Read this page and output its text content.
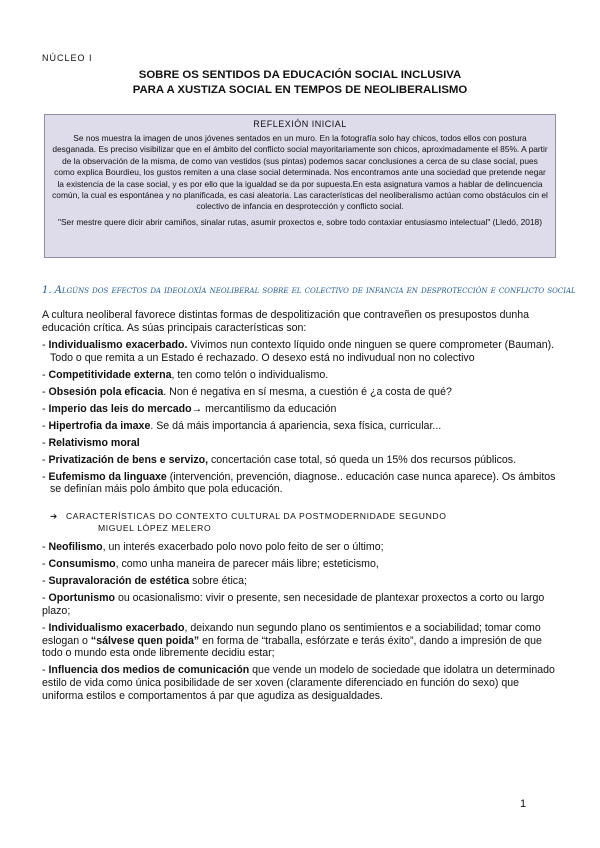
NÚCLEO I
SOBRE OS SENTIDOS DA EDUCACIÓN SOCIAL INCLUSIVA
PARA A XUSTIZA SOCIAL EN TEMPOS DE NEOLIBERALISMO
REFLEXIÓN INICIAL

Se nos muestra la imagen de unos jóvenes sentados en un muro. En la fotografía solo hay chicos, todos ellos con postura desganada. Es preciso visibilizar que en el ámbito del conflicto social mayoritariamente son chicos, aproximadamente el 85%. A partir de la observación de la misma, de como van vestidos (sus pintas) podemos sacar conclusiones a cerca de su clase social, pues como explica Bourdieu, los gustos remiten a una clase social determinada. Nos encontramos ante una sociedad que pretende negar la existencia de la case social, y es por ello que la igualdad se da por supuesta.En esta asignatura vamos a hablar de delincuencia común, la cual es espontánea y no planificada, es casi aleatoria. Las características del neoliberalismo actúan como obstáculos cin el colectivo de infancia en desprotección y conflicto social.

"Ser mestre quere dicir abrir camiños, sinalar rutas, asumir proxectos e, sobre todo contaxiar entusiasmo intelectual" (Lledó, 2018)

1. Algúns dos efectos da ideoloxía neoliberal sobre el colectivo de infancia en desprotección e conflicto social

A cultura neoliberal favorece distintas formas de despolitización que contraveñen os presupostos dunha educación crítica. As súas principais características son:

- Individualismo exacerbado. Vivimos nun contexto líquido onde ninguen se quere comprometer (Bauman). Todo o que remita a un Estado é rechazado. O desexo está no indivudual non no colectivo
- Competitividade externa, ten como telón o individualismo.
- Obsesión pola eficacia. Non é negativa en sí mesma, a cuestión é ¿a costa de qué?
- Imperio das leis do mercado→ mercantilismo da educación
- Hipertrofia da imaxe. Se dá máis importancia á apariencia, sexa física, curricular...
- Relativismo moral
- Privatización de bens e servizo, concertación case total, só queda un 15% dos recursos públicos.
- Eufemismo da linguaxe (intervención, prevención, diagnose.. educación case nunca aparece). Os ámbitos se definían máis polo ámbito que pola educación.
➔ CARACTERÍSTICAS DO CONTEXTO CULTURAL DA POSTMODERNIDADE SEGUNDO
MIGUEL LÓPEZ MELERO
- Neofilismo, un interés exacerbado polo novo polo feito de ser o último;
- Consumismo, como unha maneira de parecer máis libre; esteticismo,
- Supravaloración de estética sobre ética;
- Oportunismo ou ocasionalismo: vivir o presente, sen necesidade de plantexar proxectos a corto ou largo plazo;
- Individualismo exacerbado, deixando nun segundo plano os sentimientos e a sociabilidad; tomar como eslogan o “sálvese quen poida” en forma de “traballa, esfórzate e terás éxito”, dando a impresión de que todo o mundo esta onde libremente decidiu estar;
- Influencia dos medios de comunicación que vende un modelo de sociedade que idolatra un determinado estilo de vida como única posibilidade de ser xoven (claramente diferenciado en función do sexo) que uniforma estilos e comportamentos á par que agudiza as desigualdades.
1
